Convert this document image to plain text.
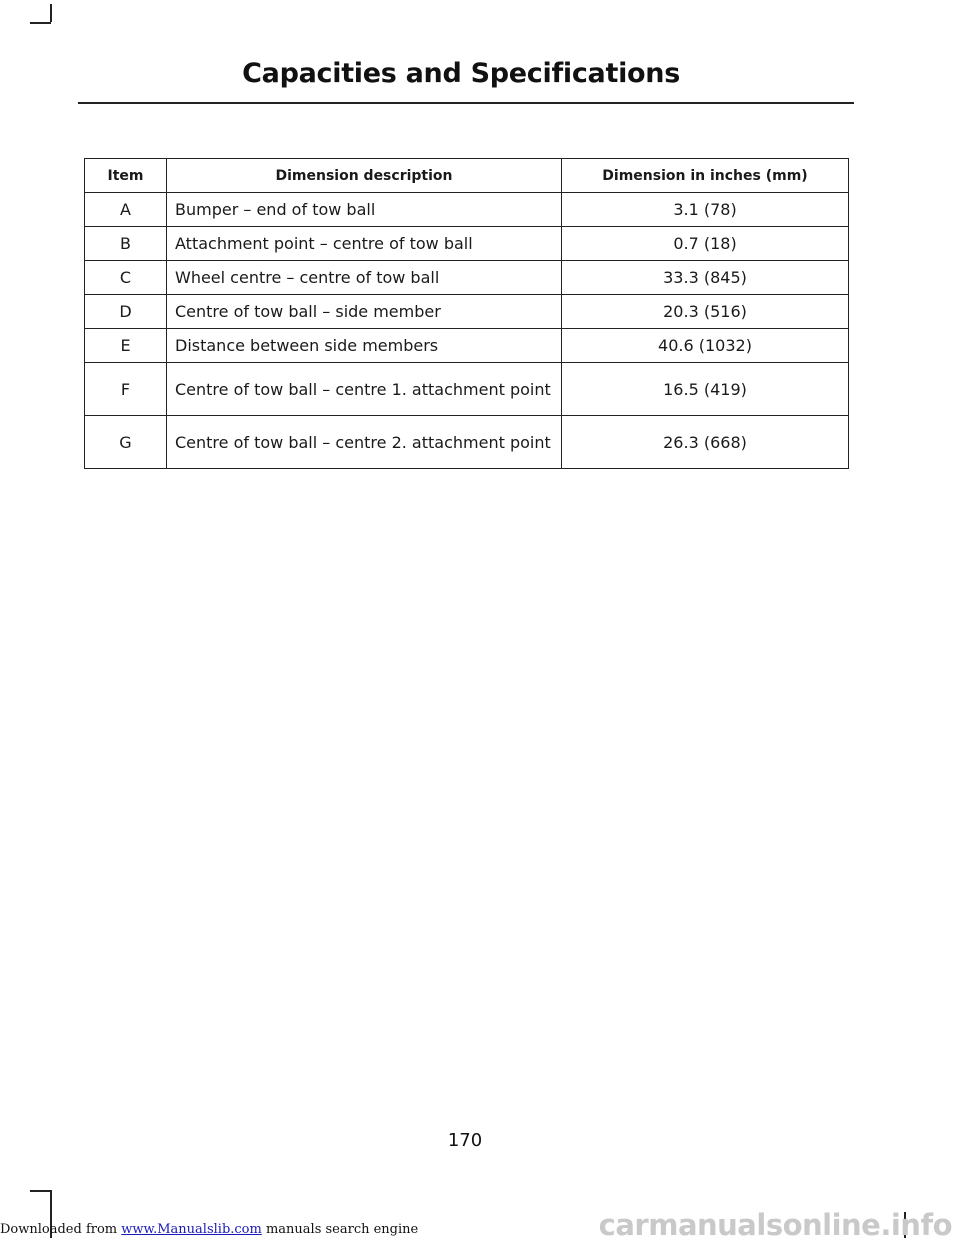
Capacities and Specifications
Item	Dimension description	Dimension in inches (mm)
A	Bumper – end of tow ball	3.1 (78)
B	Attachment point – centre of tow ball	0.7 (18)
C	Wheel centre – centre of tow ball	33.3 (845)
D	Centre of tow ball – side member	20.3 (516)
E	Distance between side members	40.6 (1032)
F	Centre of tow ball – centre 1. attachment point	16.5 (419)
G	Centre of tow ball – centre 2. attachment point	26.3 (668)
170
Downloaded from www.Manualslib.com manuals search engine	carmanualsonline.info
